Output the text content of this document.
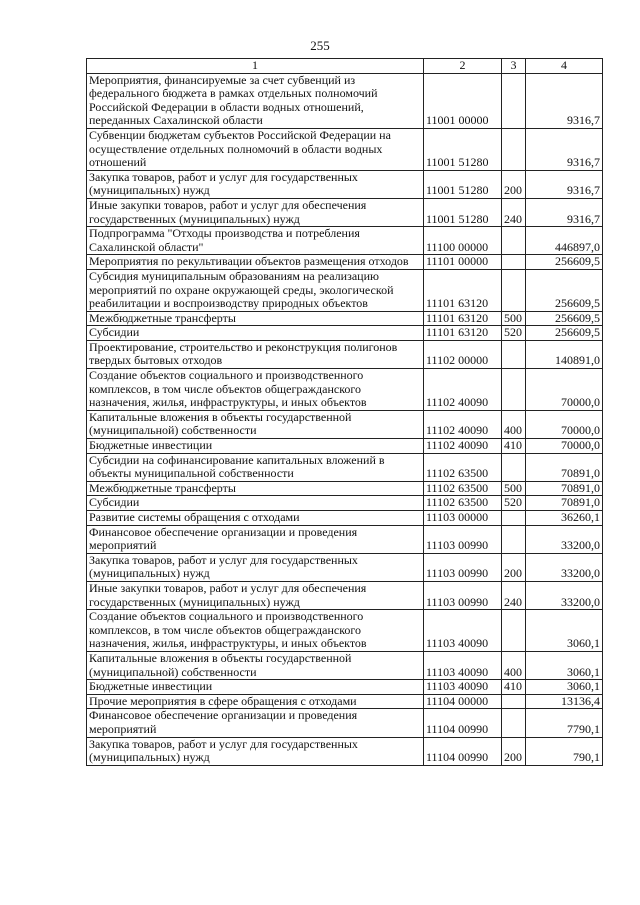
255
1	2	3	4
Мероприятия, финансируемые за счет субвенций из федерального бюджета в рамках отдельных полномочий Российской Федерации в области водных отношений, переданных Сахалинской области	11001 00000		9316,7
Субвенции бюджетам субъектов Российской Федерации на осуществление отдельных полномочий в области водных отношений	11001 51280		9316,7
Закупка товаров, работ и услуг для государственных (муниципальных) нужд	11001 51280	200	9316,7
Иные закупки товаров, работ и услуг для обеспечения государственных (муниципальных) нужд	11001 51280	240	9316,7
Подпрограмма "Отходы производства и потребления Сахалинской области"	11100 00000		446897,0
Мероприятия по рекультивации объектов размещения отходов	11101 00000		256609,5
Субсидия муниципальным образованиям на реализацию мероприятий по охране окружающей среды, экологической реабилитации и воспроизводству природных объектов	11101 63120		256609,5
Межбюджетные трансферты	11101 63120	500	256609,5
Субсидии	11101 63120	520	256609,5
Проектирование, строительство и реконструкция полигонов твердых бытовых отходов	11102 00000		140891,0
Создание объектов социального и производственного комплексов, в том числе объектов общегражданского назначения, жилья, инфраструктуры, и иных объектов	11102 40090		70000,0
Капитальные вложения в объекты государственной (муниципальной) собственности	11102 40090	400	70000,0
Бюджетные инвестиции	11102 40090	410	70000,0
Субсидии на софинансирование капитальных вложений в объекты муниципальной собственности	11102 63500		70891,0
Межбюджетные трансферты	11102 63500	500	70891,0
Субсидии	11102 63500	520	70891,0
Развитие системы обращения с отходами	11103 00000		36260,1
Финансовое обеспечение организации и проведения мероприятий	11103 00990		33200,0
Закупка товаров, работ и услуг для государственных (муниципальных) нужд	11103 00990	200	33200,0
Иные закупки товаров, работ и услуг для обеспечения государственных (муниципальных) нужд	11103 00990	240	33200,0
Создание объектов социального и производственного комплексов, в том числе объектов общегражданского назначения, жилья, инфраструктуры, и иных объектов	11103 40090		3060,1
Капитальные вложения в объекты государственной (муниципальной) собственности	11103 40090	400	3060,1
Бюджетные инвестиции	11103 40090	410	3060,1
Прочие мероприятия в сфере обращения с отходами	11104 00000		13136,4
Финансовое обеспечение организации и проведения мероприятий	11104 00990		7790,1
Закупка товаров, работ и услуг для государственных (муниципальных) нужд	11104 00990	200	790,1
